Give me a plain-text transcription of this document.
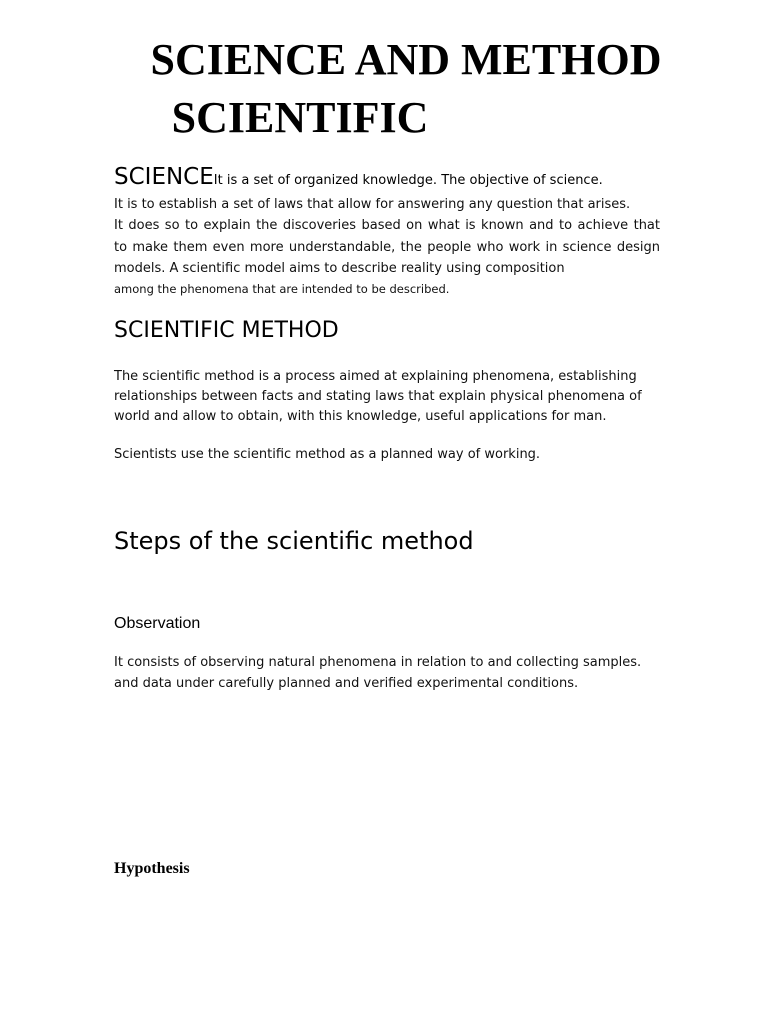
SCIENCE AND METHOD
SCIENTIFIC
SCIENCEIt is a set of organized knowledge. The objective of science.

It is to establish a set of laws that allow for answering any question that arises.

It does so to explain the discoveries based on what is known and to achieve that

to make them even more understandable, the people who work in science design

models. A scientific model aims to describe reality using composition

among the phenomena that are intended to be described.

SCIENTIFIC METHOD

The scientific method is a process aimed at explaining phenomena, establishing

relationships between facts and stating laws that explain physical phenomena of

world and allow to obtain, with this knowledge, useful applications for man.

Scientists use the scientific method as a planned way of working.

Steps of the scientific method
Observation

It consists of observing natural phenomena in relation to and collecting samples.

and data under carefully planned and verified experimental conditions.

Hypothesis
